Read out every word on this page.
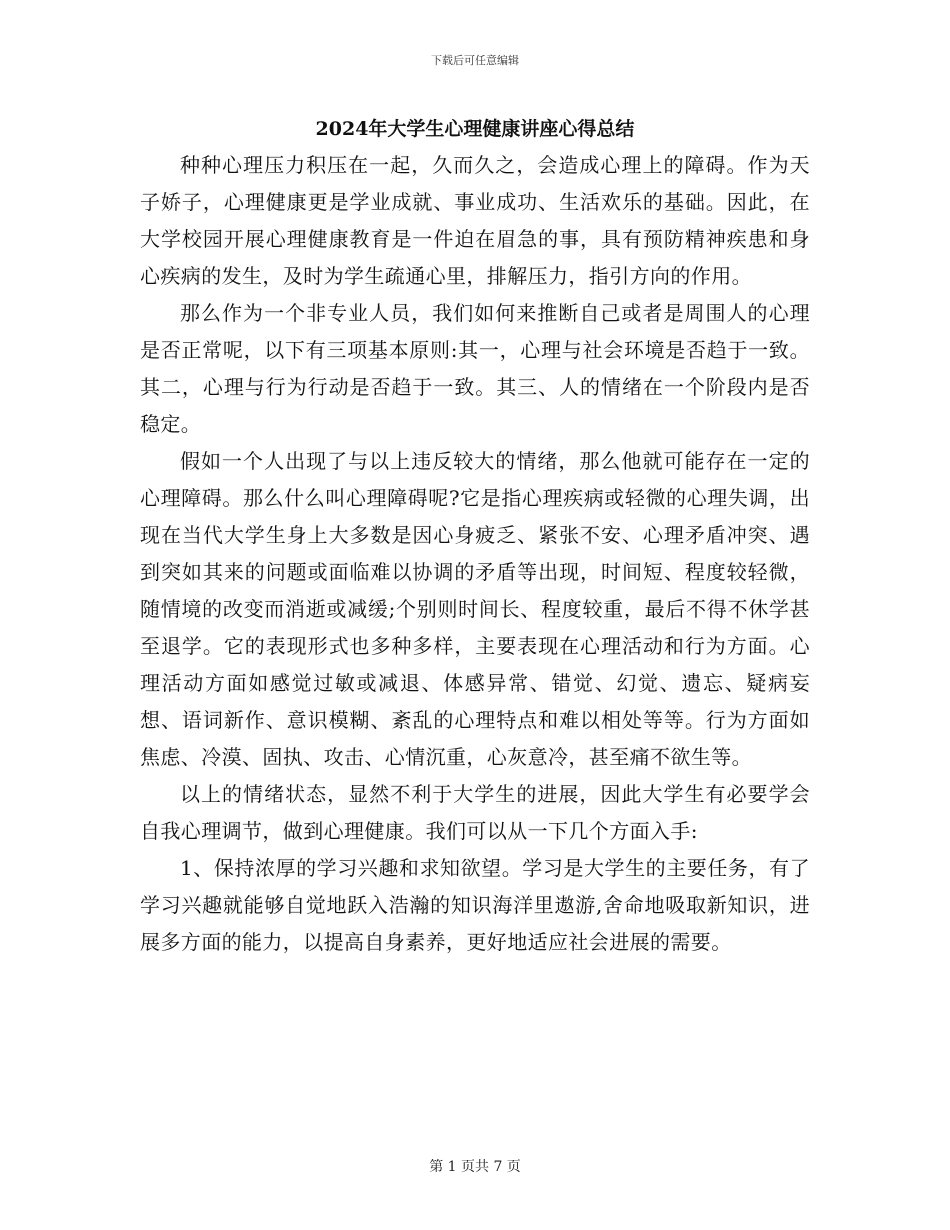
下载后可任意编辑
2024年大学生心理健康讲座心得总结

种种心理压力积压在一起，久而久之，会造成心理上的障碍。作为天子娇子，心理健康更是学业成就、事业成功、生活欢乐的基础。因此，在大学校园开展心理健康教育是一件迫在眉急的事，具有预防精神疾患和身心疾病的发生，及时为学生疏通心里，排解压力，指引方向的作用。

那么作为一个非专业人员，我们如何来推断自己或者是周围人的心理是否正常呢，以下有三项基本原则:其一，心理与社会环境是否趋于一致。其二，心理与行为行动是否趋于一致。其三、人的情绪在一个阶段内是否稳定。

假如一个人出现了与以上违反较大的情绪，那么他就可能存在一定的心理障碍。那么什么叫心理障碍呢?它是指心理疾病或轻微的心理失调，出现在当代大学生身上大多数是因心身疲乏、紧张不安、心理矛盾冲突、遇到突如其来的问题或面临难以协调的矛盾等出现，时间短、程度较轻微，随情境的改变而消逝或减缓;个别则时间长、程度较重，最后不得不休学甚至退学。它的表现形式也多种多样，主要表现在心理活动和行为方面。心理活动方面如感觉过敏或减退、体感异常、错觉、幻觉、遗忘、疑病妄想、语词新作、意识模糊、紊乱的心理特点和难以相处等等。行为方面如焦虑、冷漠、固执、攻击、心情沉重，心灰意冷，甚至痛不欲生等。

以上的情绪状态，显然不利于大学生的进展，因此大学生有必要学会自我心理调节，做到心理健康。我们可以从一下几个方面入手:

1、保持浓厚的学习兴趣和求知欲望。学习是大学生的主要任务，有了学习兴趣就能够自觉地跃入浩瀚的知识海洋里遨游,舍命地吸取新知识，进展多方面的能力，以提高自身素养，更好地适应社会进展的需要。

第 1 页共 7 页
